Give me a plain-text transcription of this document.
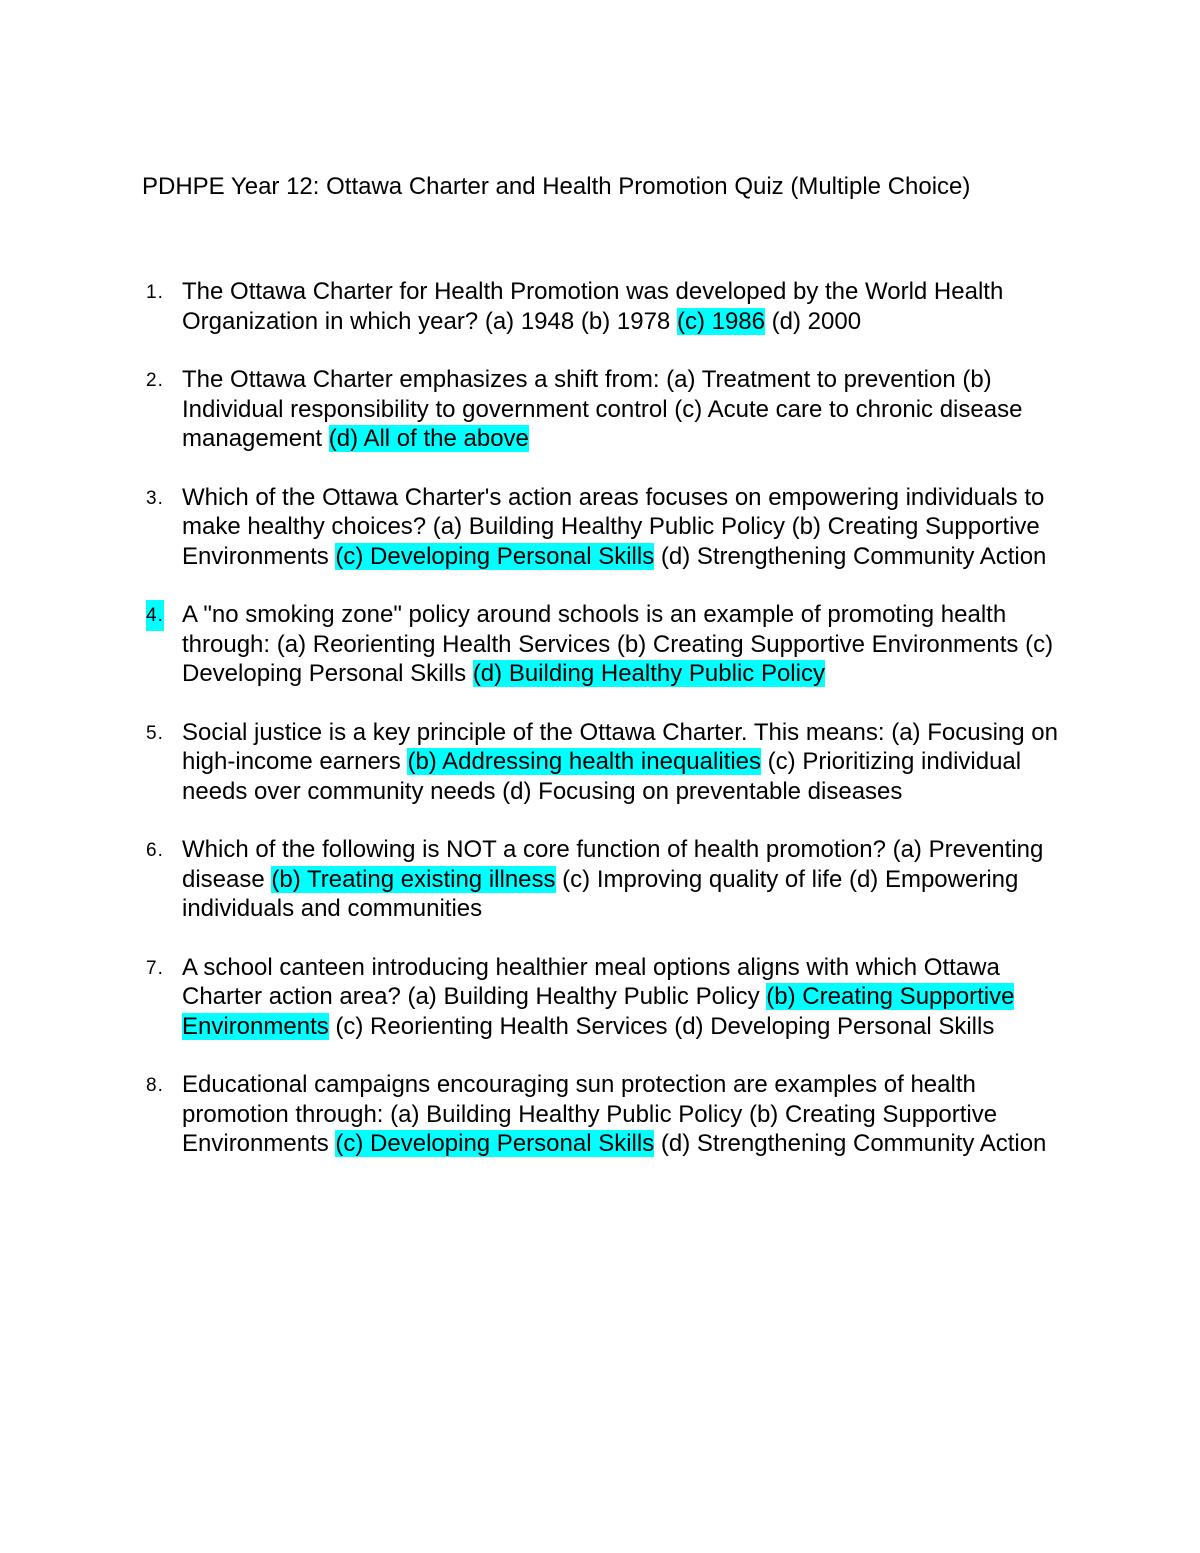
PDHPE Year 12: Ottawa Charter and Health Promotion Quiz (Multiple Choice)
1. The Ottawa Charter for Health Promotion was developed by the World Health Organization in which year? (a) 1948 (b) 1978 (c) 1986 (d) 2000
2. The Ottawa Charter emphasizes a shift from: (a) Treatment to prevention (b) Individual responsibility to government control (c) Acute care to chronic disease management (d) All of the above
3. Which of the Ottawa Charter's action areas focuses on empowering individuals to make healthy choices? (a) Building Healthy Public Policy (b) Creating Supportive Environments (c) Developing Personal Skills (d) Strengthening Community Action
4. A "no smoking zone" policy around schools is an example of promoting health through: (a) Reorienting Health Services (b) Creating Supportive Environments (c) Developing Personal Skills (d) Building Healthy Public Policy
5. Social justice is a key principle of the Ottawa Charter. This means: (a) Focusing on high-income earners (b) Addressing health inequalities (c) Prioritizing individual needs over community needs (d) Focusing on preventable diseases
6. Which of the following is NOT a core function of health promotion? (a) Preventing disease (b) Treating existing illness (c) Improving quality of life (d) Empowering individuals and communities
7. A school canteen introducing healthier meal options aligns with which Ottawa Charter action area? (a) Building Healthy Public Policy (b) Creating Supportive Environments (c) Reorienting Health Services (d) Developing Personal Skills
8. Educational campaigns encouraging sun protection are examples of health promotion through: (a) Building Healthy Public Policy (b) Creating Supportive Environments (c) Developing Personal Skills (d) Strengthening Community Action
